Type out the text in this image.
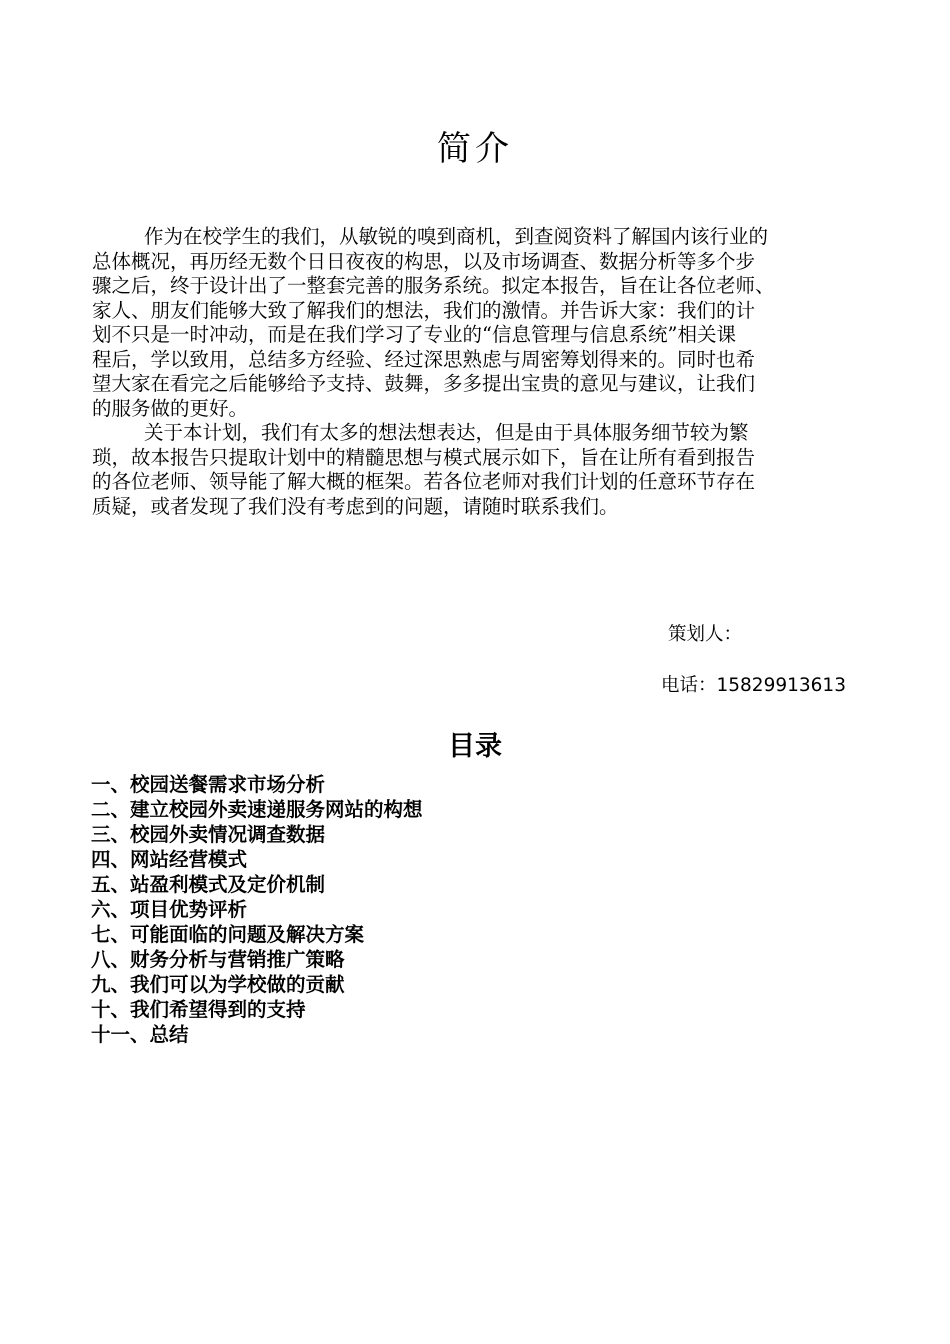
简介
作为在校学生的我们，从敏锐的嗅到商机，到查阅资料了解国内该行业的
总体概况，再历经无数个日日夜夜的构思，以及市场调查、数据分析等多个步
骤之后，终于设计出了一整套完善的服务系统。拟定本报告，旨在让各位老师、
家人、朋友们能够大致了解我们的想法，我们的激情。并告诉大家：我们的计
划不只是一时冲动，而是在我们学习了专业的“信息管理与信息系统”相关课
程后，学以致用，总结多方经验、经过深思熟虑与周密筹划得来的。同时也希
望大家在看完之后能够给予支持、鼓舞，多多提出宝贵的意见与建议，让我们
的服务做的更好。
关于本计划，我们有太多的想法想表达，但是由于具体服务细节较为繁
琐，故本报告只提取计划中的精髓思想与模式展示如下，旨在让所有看到报告
的各位老师、领导能了解大概的框架。若各位老师对我们计划的任意环节存在
质疑，或者发现了我们没有考虑到的问题，请随时联系我们。
策划人：
电话：15829913613
目录
一、校园送餐需求市场分析
二、建立校园外卖速递服务网站的构想
三、校园外卖情况调查数据
四、网站经营模式
五、站盈利模式及定价机制
六、项目优势评析
七、可能面临的问题及解决方案
八、财务分析与营销推广策略
九、我们可以为学校做的贡献
十、我们希望得到的支持
十一、总结
